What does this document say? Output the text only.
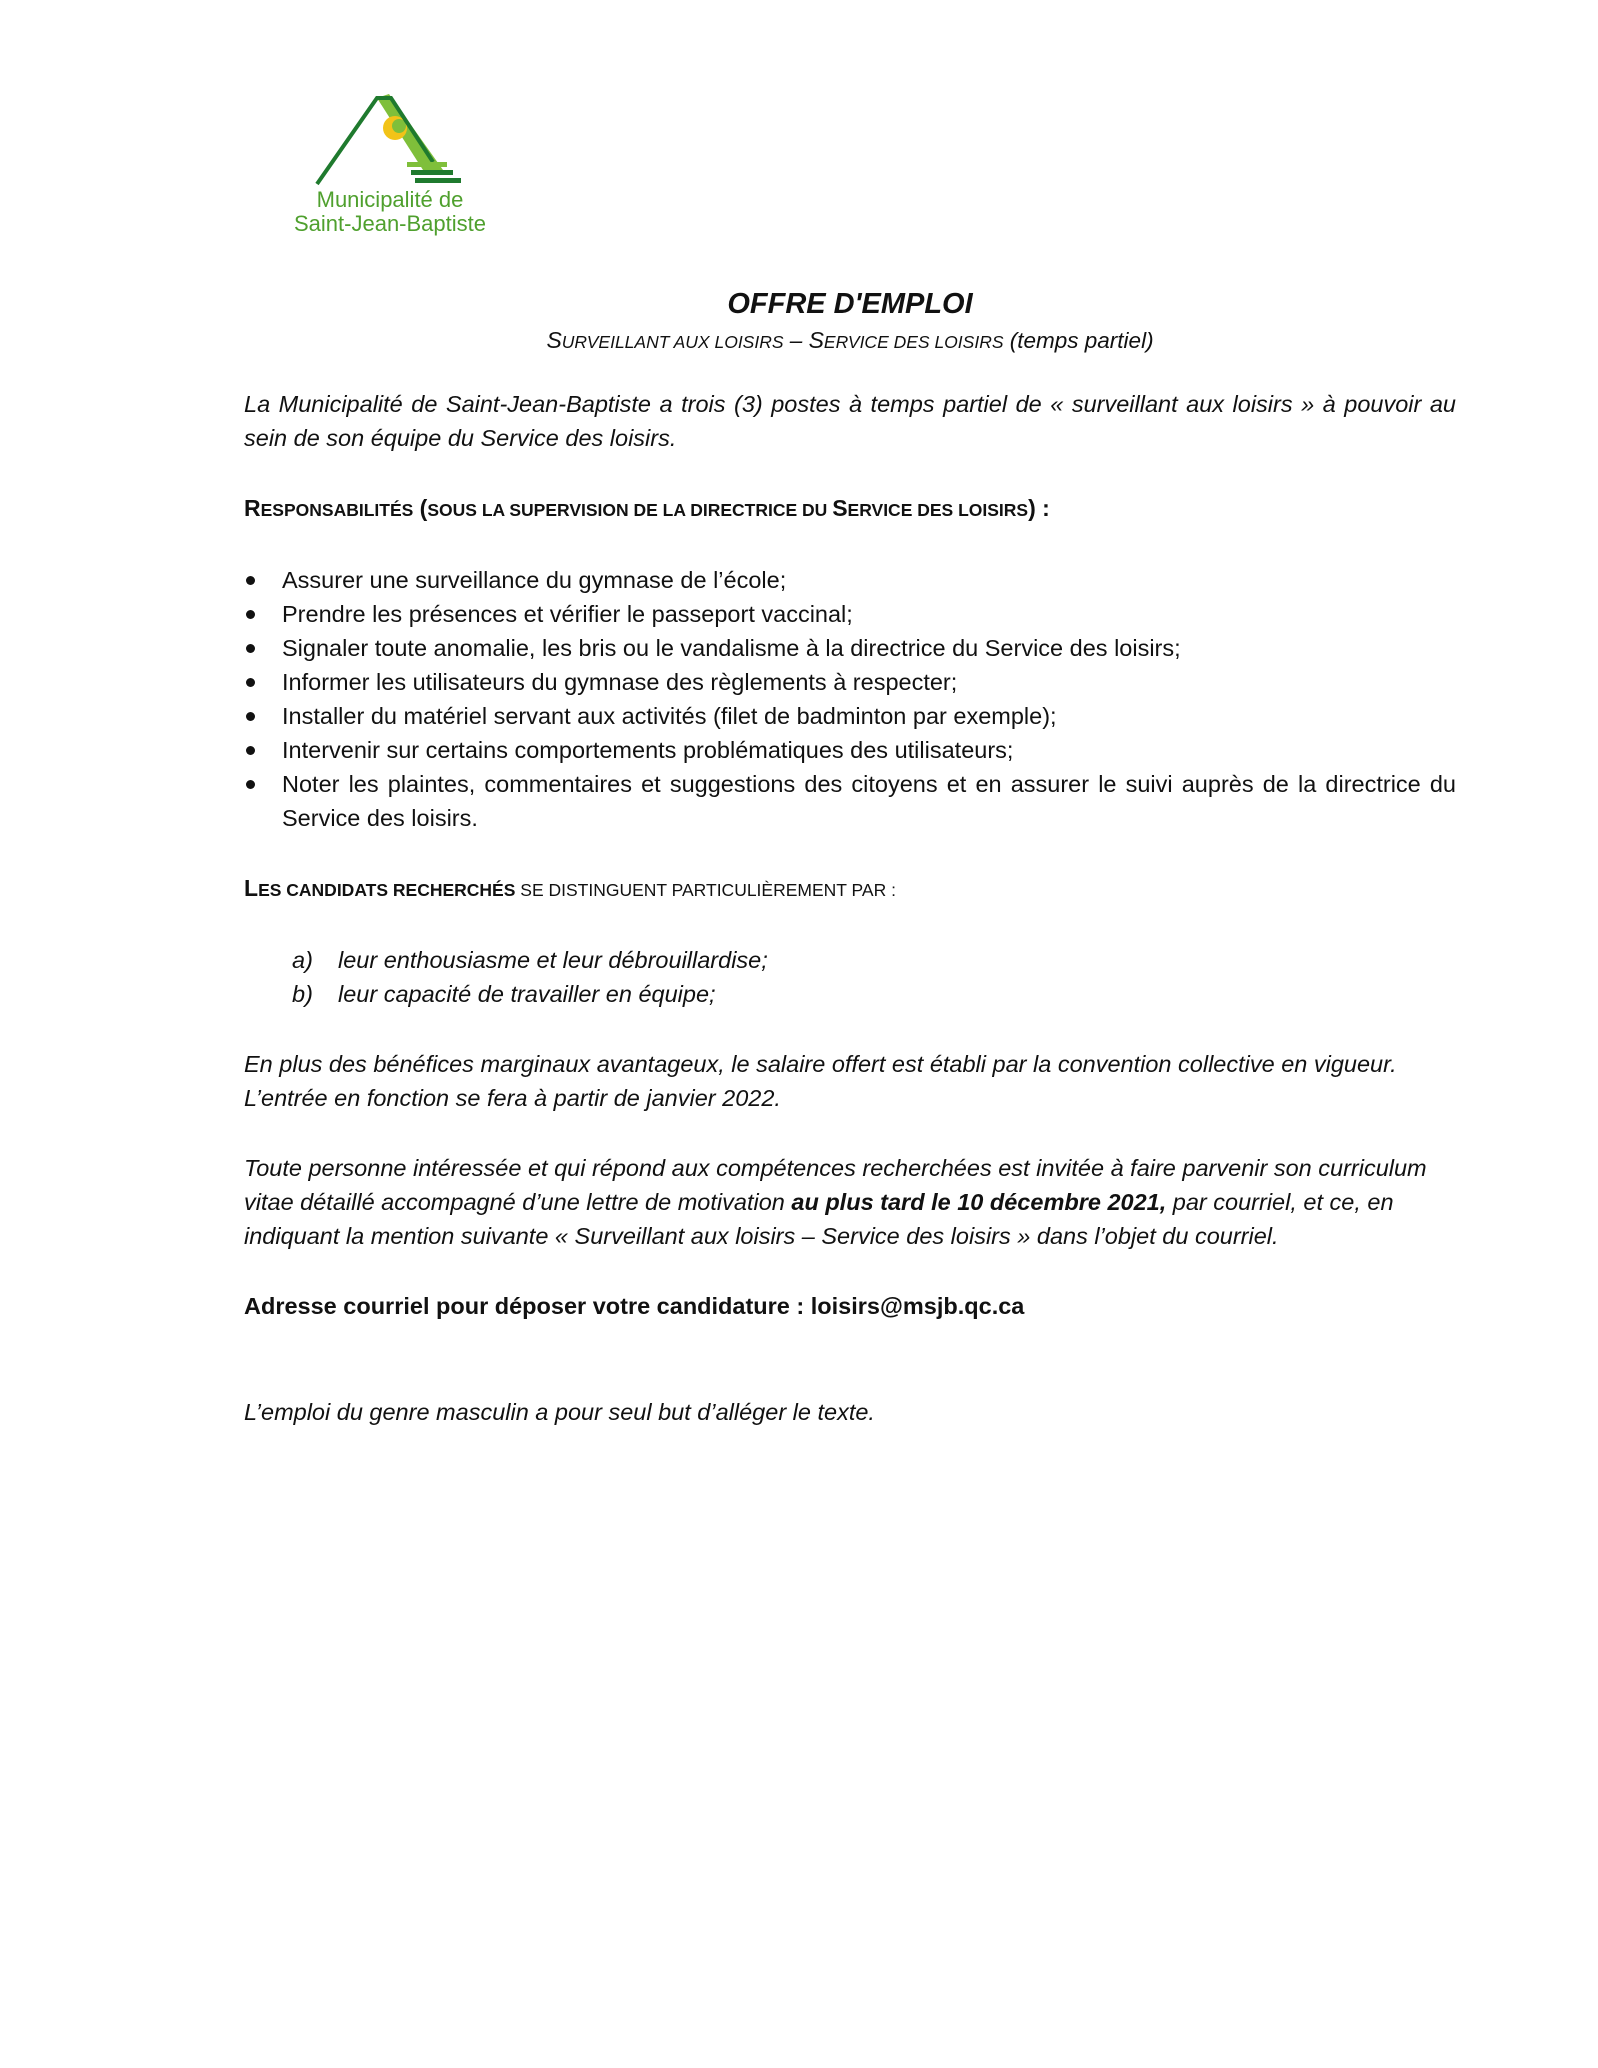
Municipalité de
Saint-Jean-Baptiste

OFFRE D'EMPLOI

SURVEILLANT AUX LOISIRS – SERVICE DES LOISIRS (temps partiel)

La Municipalité de Saint-Jean-Baptiste a trois (3) postes à temps partiel de « surveillant aux loisirs » à pouvoir au sein de son équipe du Service des loisirs.

RESPONSABILITÉS (SOUS LA SUPERVISION DE LA DIRECTRICE DU SERVICE DES LOISIRS) :

Assurer une surveillance du gymnase de l’école;
Prendre les présences et vérifier le passeport vaccinal;
Signaler toute anomalie, les bris ou le vandalisme à la directrice du Service des loisirs;
Informer les utilisateurs du gymnase des règlements à respecter;
Installer du matériel servant aux activités (filet de badminton par exemple);
Intervenir sur certains comportements problématiques des utilisateurs;
Noter les plaintes, commentaires et suggestions des citoyens et en assurer le suivi auprès de la directrice du Service des loisirs.

LES CANDIDATS RECHERCHÉS SE DISTINGUENT PARTICULIÈREMENT PAR :

a) leur enthousiasme et leur débrouillardise;
b) leur capacité de travailler en équipe;

En plus des bénéfices marginaux avantageux, le salaire offert est établi par la convention collective en vigueur. L’entrée en fonction se fera à partir de janvier 2022.

Toute personne intéressée et qui répond aux compétences recherchées est invitée à faire parvenir son curriculum vitae détaillé accompagné d’une lettre de motivation au plus tard le 10 décembre 2021, par courriel, et ce, en indiquant la mention suivante « Surveillant aux loisirs – Service des loisirs » dans l’objet du courriel.

Adresse courriel pour déposer votre candidature : loisirs@msjb.qc.ca

L’emploi du genre masculin a pour seul but d’alléger le texte.
